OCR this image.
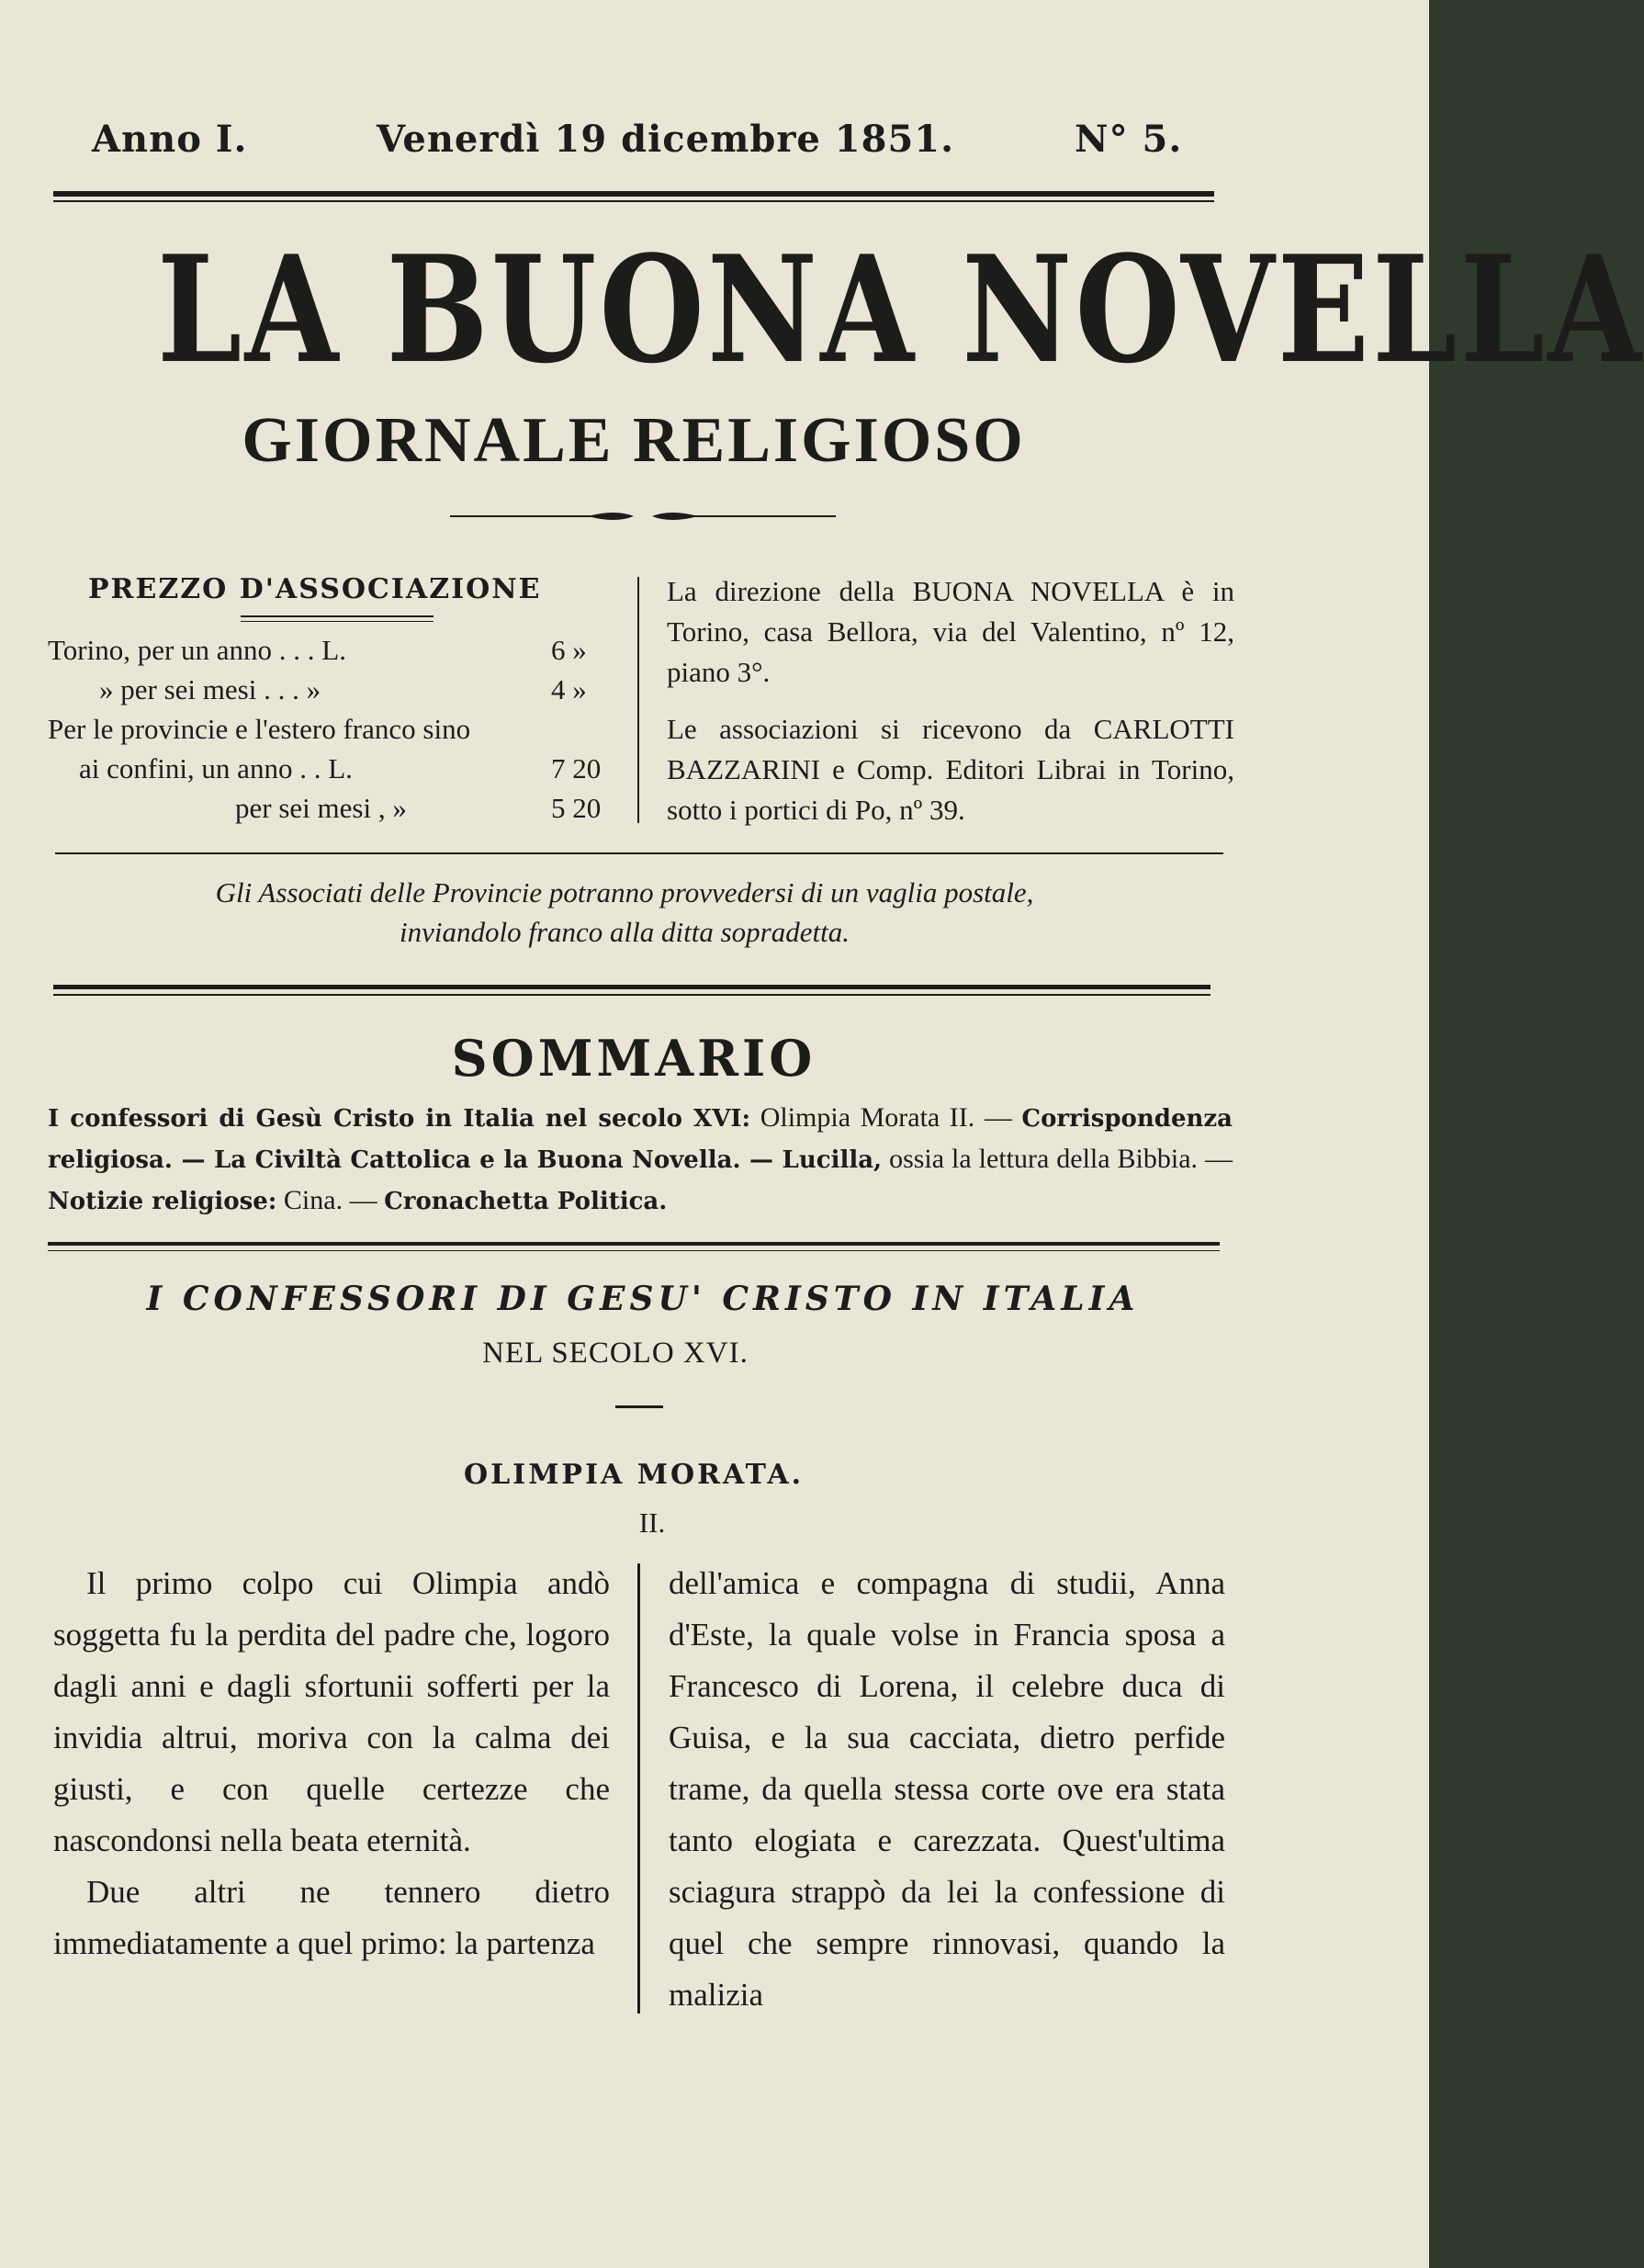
Anno I.	Venerdì 19 dicembre 1851.	N° 5.
LA BUONA NOVELLA
GIORNALE RELIGIOSO
PREZZO D'ASSOCIAZIONE
Torino, per un anno . . . L.	6 »
» per sei mesi . . . »	4 »
Per le provincie e l'estero franco sino
ai confini, un anno . . L.	7 20
per sei mesi , »	5 20
La direzione della BUONA NOVELLA è in Torino, casa Bellora, via del Valentino, nº 12, piano 3°.
Le associazioni si ricevono da CARLOTTI BAZZARINI e Comp. Editori Librai in Torino, sotto i portici di Po, nº 39.
Gli Associati delle Provincie potranno provvedersi di un vaglia postale,
inviandolo franco alla ditta sopradetta.
SOMMARIO
I confessori di Gesù Cristo in Italia nel secolo XVI: Olimpia Morata II. — Corrispondenza religiosa. — La Civiltà Cattolica e la Buona Novella. — Lucilla, ossia la lettura della Bibbia. — Notizie religiose: Cina. — Cronachetta Politica.
I CONFESSORI DI GESU' CRISTO IN ITALIA
NEL SECOLO XVI.
OLIMPIA MORATA.
II.

Il primo colpo cui Olimpia andò soggetta fu la perdita del padre che, logoro dagli anni e dagli sfortunii sofferti per la invidia altrui, moriva con la calma dei giusti, e con quelle certezze che nascondonsi nella beata eternità.

Due altri ne tennero dietro immediatamente a quel primo: la partenza

dell'amica e compagna di studii, Anna d'Este, la quale volse in Francia sposa a Francesco di Lorena, il celebre duca di Guisa, e la sua cacciata, dietro perfide trame, da quella stessa corte ove era stata tanto elogiata e carezzata. Quest'ultima sciagura strappò da lei la confessione di quel che sempre rinnovasi, quando la malizia
